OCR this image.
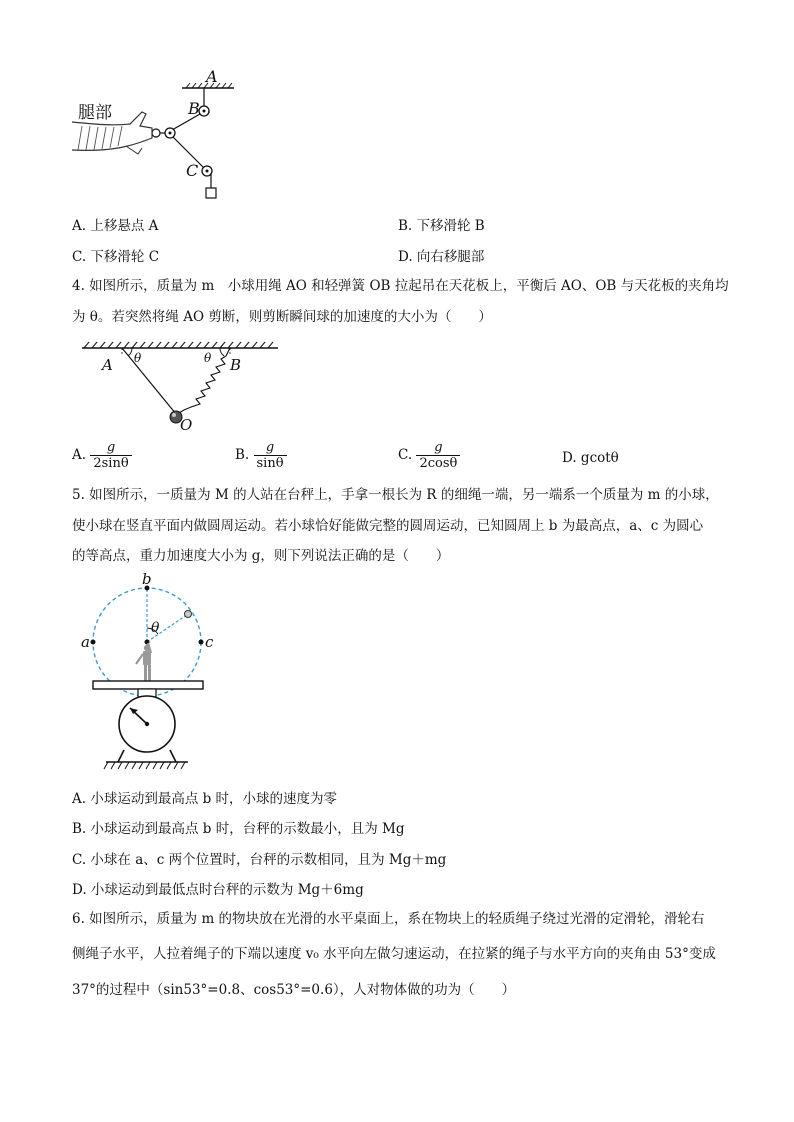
腿部
A
B
C
A. 上移悬点 A	B. 下移滑轮 B
C. 下移滑轮 C	D. 向右移腿部
4. 如图所示，质量为 m　小球用绳 AO 和轻弹簧 OB 拉起吊在天花板上，平衡后 AO、OB 与天花板的夹角均
为 θ。若突然将绳 AO 剪断，则剪断瞬间球的加速度的大小为（　　）
A	B
O
θ	θ
A. $\frac{g}{2\sin\theta}$	B. $\frac{g}{\sin\theta}$	C. $\frac{g}{2\cos\theta}$	D. gcotθ
5. 如图所示，一质量为 M 的人站在台秤上，手拿一根长为 R 的细绳一端，另一端系一个质量为 m 的小球，
使小球在竖直平面内做圆周运动。若小球恰好能做完整的圆周运动，已知圆周上 b 为最高点，a、c 为圆心
的等高点，重力加速度大小为 g，则下列说法正确的是（　　）
b
a	c
θ
A. 小球运动到最高点 b 时，小球的速度为零
B. 小球运动到最高点 b 时，台秤的示数最小，且为 Mg
C. 小球在 a、c 两个位置时，台秤的示数相同，且为 Mg＋mg
D. 小球运动到最低点时台秤的示数为 Mg＋6mg
6. 如图所示，质量为 m 的物块放在光滑的水平桌面上，系在物块上的轻质绳子绕过光滑的定滑轮，滑轮右
侧绳子水平，人拉着绳子的下端以速度 v₀ 水平向左做匀速运动，在拉紧的绳子与水平方向的夹角由 53°变成
37°的过程中（sin53°=0.8、cos53°=0.6），人对物体做的功为（　　）
